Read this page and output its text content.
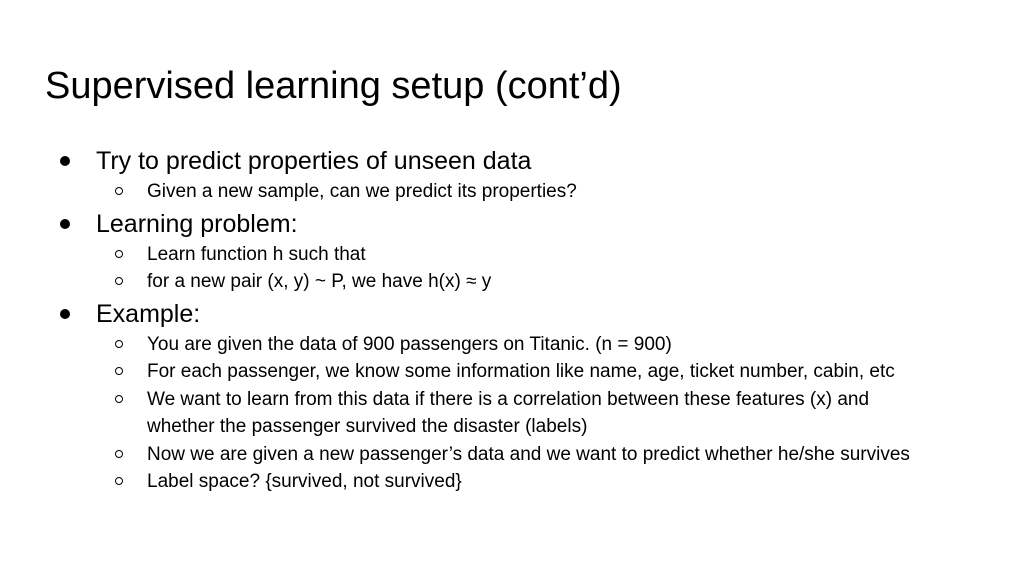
Supervised learning setup (cont’d)
Try to predict properties of unseen data
Given a new sample, can we predict its properties?
Learning problem:
Learn function h such that
for a new pair (x, y) ~ P, we have h(x) ≈ y
Example:
You are given the data of 900 passengers on Titanic. (n = 900)
For each passenger, we know some information like name, age, ticket number, cabin, etc
We want to learn from this data if there is a correlation between these features (x) and
whether the passenger survived the disaster (labels)
Now we are given a new passenger’s data and we want to predict whether he/she survives
Label space? {survived, not survived}
